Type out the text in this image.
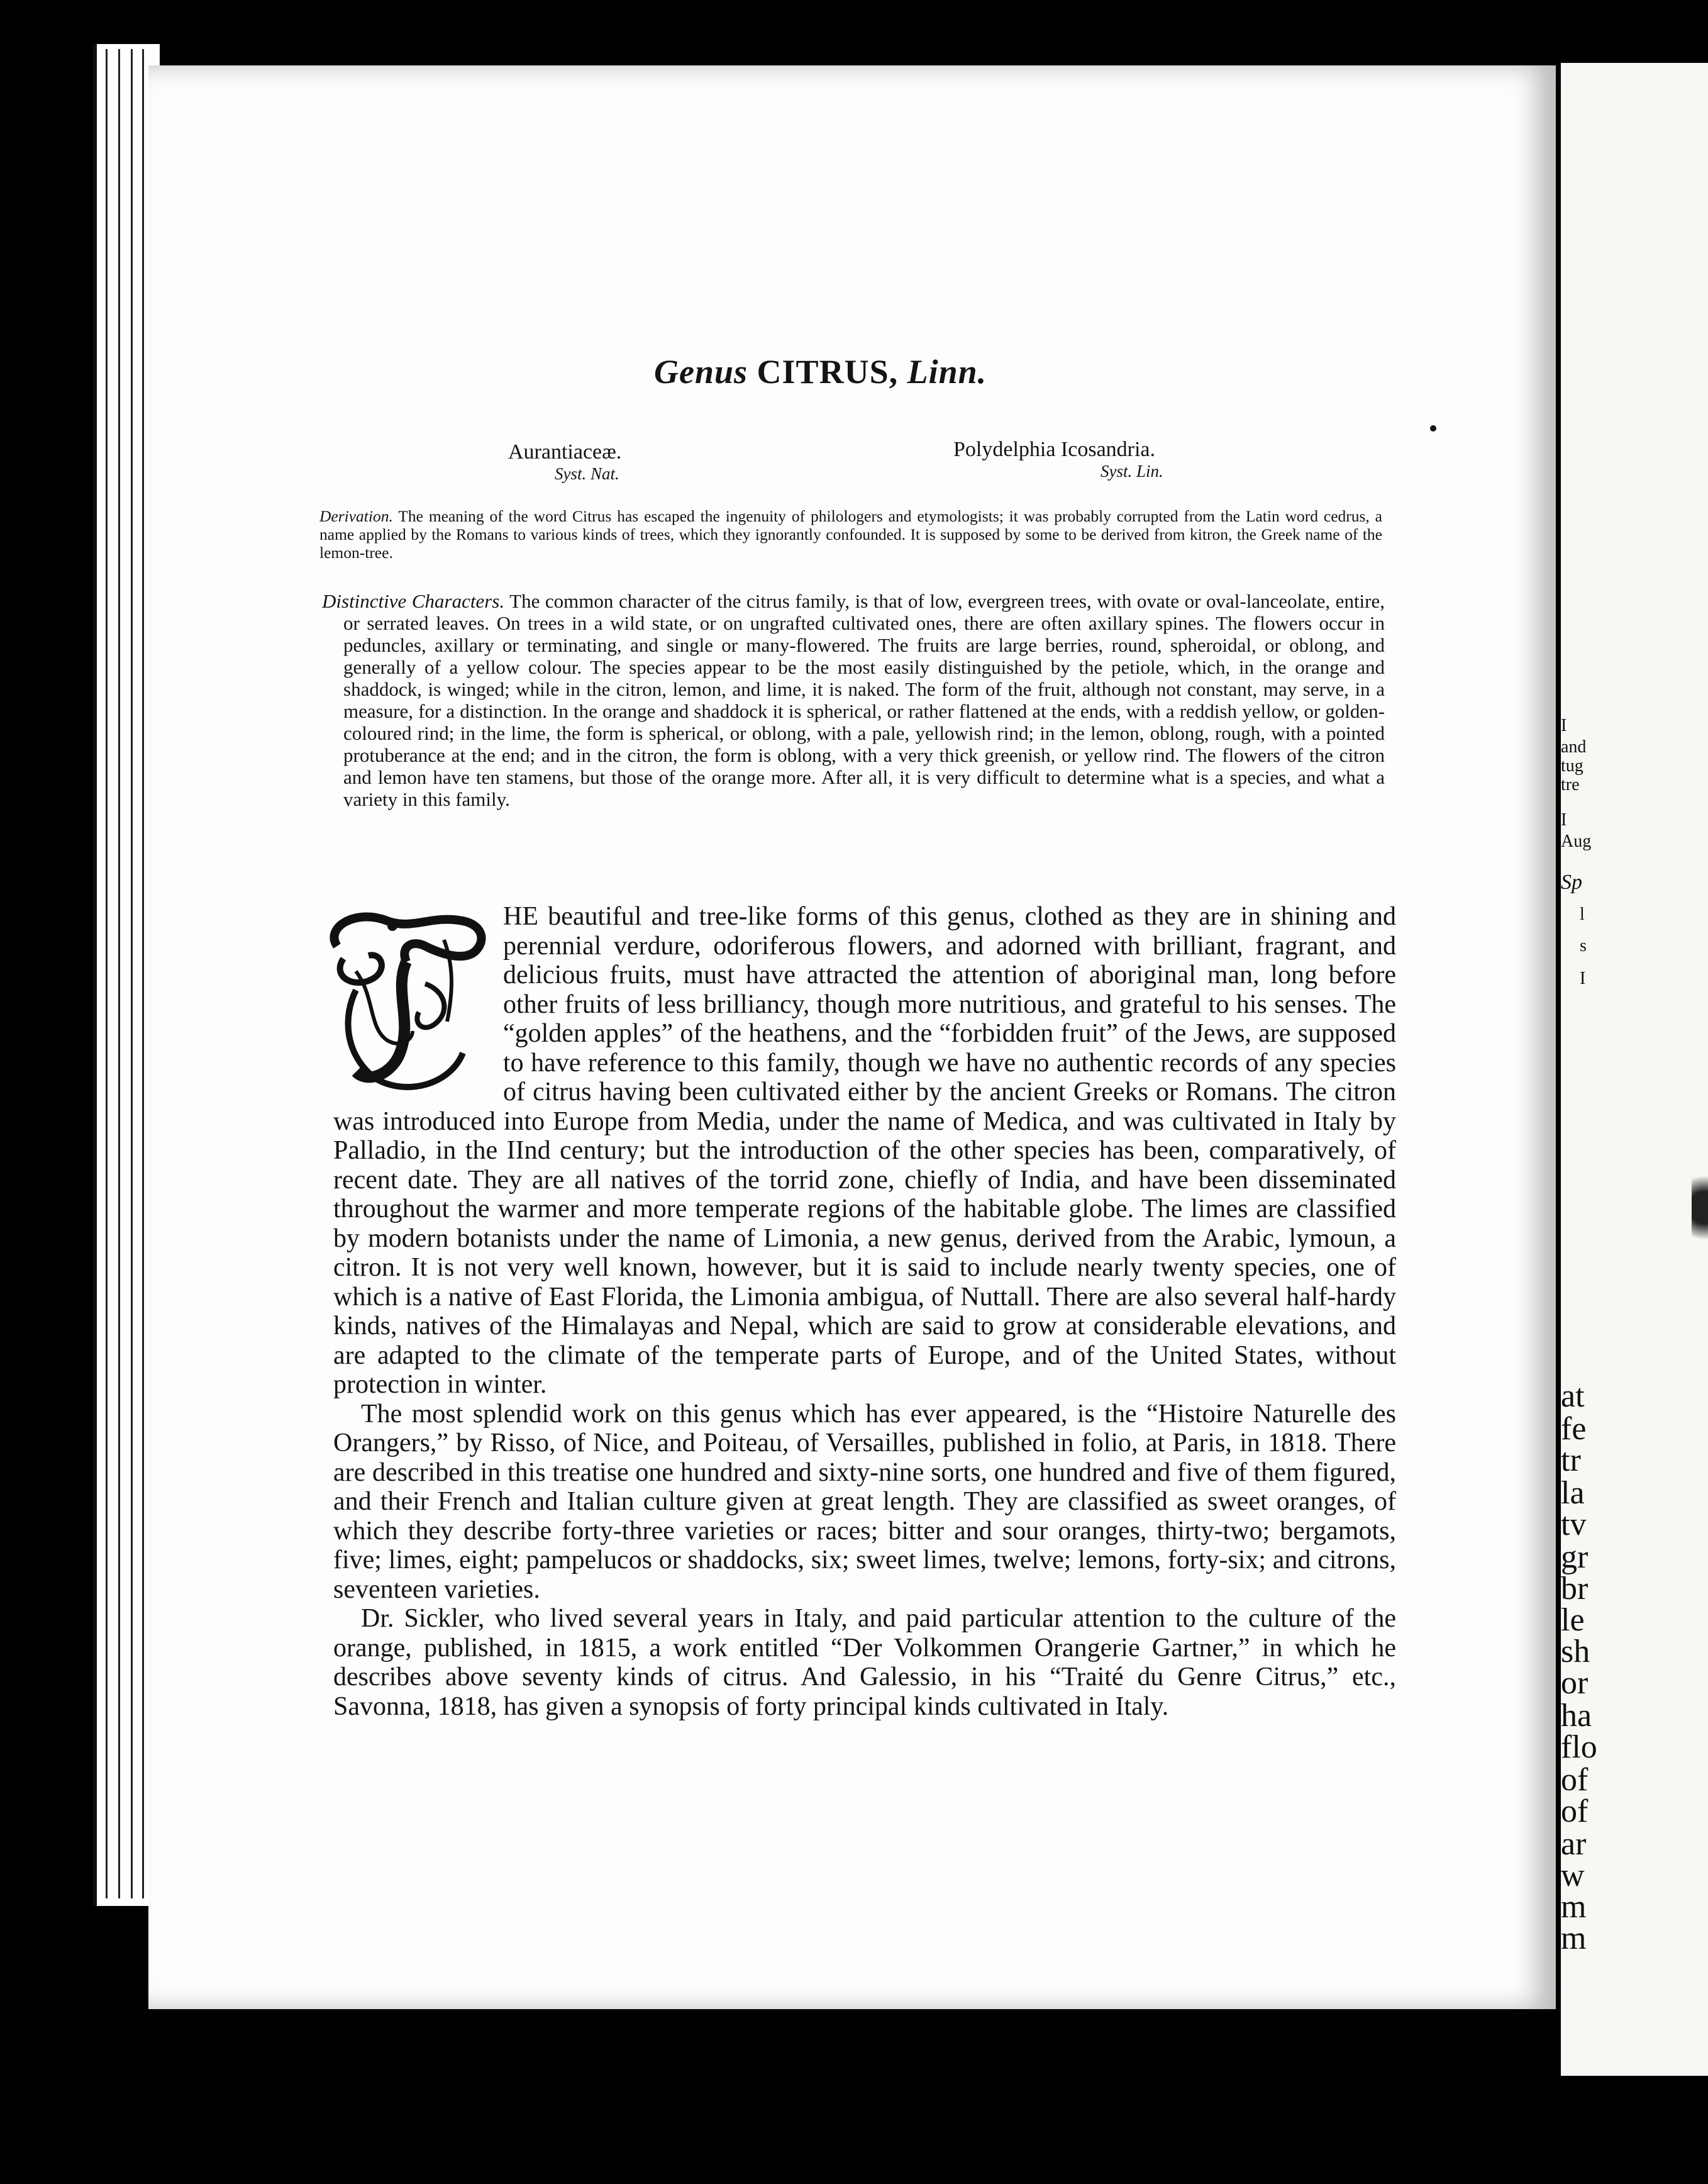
I
and
tug
tre
I
Aug
Sp
l
s
I
at
fe
tr
la
tv
gr
br
le
sh
or
ha
flo
of
of
ar
w
m
m
Genus CITRUS, Linn.
Aurantiaceæ.
Syst. Nat.
Polydelphia Icosandria.
Syst. Lin.
Derivation. The meaning of the word Citrus has escaped the ingenuity of philologers and etymologists; it was probably corrupted from the Latin word cedrus, a name applied by the Romans to various kinds of trees, which they ignorantly confounded. It is supposed by some to be derived from kitron, the Greek name of the lemon-tree.
Distinctive Characters. The common character of the citrus family, is that of low, evergreen trees, with ovate or oval-lanceolate, entire, or serrated leaves. On trees in a wild state, or on ungrafted cultivated ones, there are often axillary spines. The flowers occur in peduncles, axillary or terminating, and single or many-flowered. The fruits are large berries, round, spheroidal, or oblong, and generally of a yellow colour. The species appear to be the most easily distinguished by the petiole, which, in the orange and shaddock, is winged; while in the citron, lemon, and lime, it is naked. The form of the fruit, although not constant, may serve, in a measure, for a distinction. In the orange and shaddock it is spherical, or rather flattened at the ends, with a reddish yellow, or golden-coloured rind; in the lime, the form is spherical, or oblong, with a pale, yellowish rind; in the lemon, oblong, rough, with a pointed protuberance at the end; and in the citron, the form is oblong, with a very thick greenish, or yellow rind. The flowers of the citron and lemon have ten stamens, but those of the orange more. After all, it is very difficult to determine what is a species, and what a variety in this family.

HE beautiful and tree-like forms of this genus, clothed as they are in shining and perennial verdure, odoriferous flowers, and adorned with brilliant, fragrant, and delicious fruits, must have attracted the attention of aboriginal man, long before other fruits of less brilliancy, though more nutritious, and grateful to his senses. The “golden apples” of the heathens, and the “forbidden fruit” of the Jews, are supposed to have reference to this family, though we have no authentic records of any species of citrus having been cultivated either by the ancient Greeks or Romans. The citron was introduced into Europe from Media, under the name of Medica, and was cultivated in Italy by Palladio, in the IInd century; but the introduction of the other species has been, comparatively, of recent date. They are all natives of the torrid zone, chiefly of India, and have been disseminated throughout the warmer and more temperate regions of the habitable globe. The limes are classified by modern botanists under the name of Limonia, a new genus, derived from the Arabic, lymoun, a citron. It is not very well known, however, but it is said to include nearly twenty species, one of which is a native of East Florida, the Limonia ambigua, of Nuttall. There are also several half-hardy kinds, natives of the Himalayas and Nepal, which are said to grow at considerable elevations, and are adapted to the climate of the temperate parts of Europe, and of the United States, without protection in winter.

The most splendid work on this genus which has ever appeared, is the “Histoire Naturelle des Orangers,” by Risso, of Nice, and Poiteau, of Versailles, published in folio, at Paris, in 1818. There are described in this treatise one hundred and sixty-nine sorts, one hundred and five of them figured, and their French and Italian culture given at great length. They are classified as sweet oranges, of which they describe forty-three varieties or races; bitter and sour oranges, thirty-two; bergamots, five; limes, eight; pampelucos or shaddocks, six; sweet limes, twelve; lemons, forty-six; and citrons, seventeen varieties.

Dr. Sickler, who lived several years in Italy, and paid particular attention to the culture of the orange, published, in 1815, a work entitled “Der Volkommen Orangerie Gartner,” in which he describes above seventy kinds of citrus. And Galessio, in his “Traité du Genre Citrus,” etc., Savonna, 1818, has given a synopsis of forty principal kinds cultivated in Italy.
